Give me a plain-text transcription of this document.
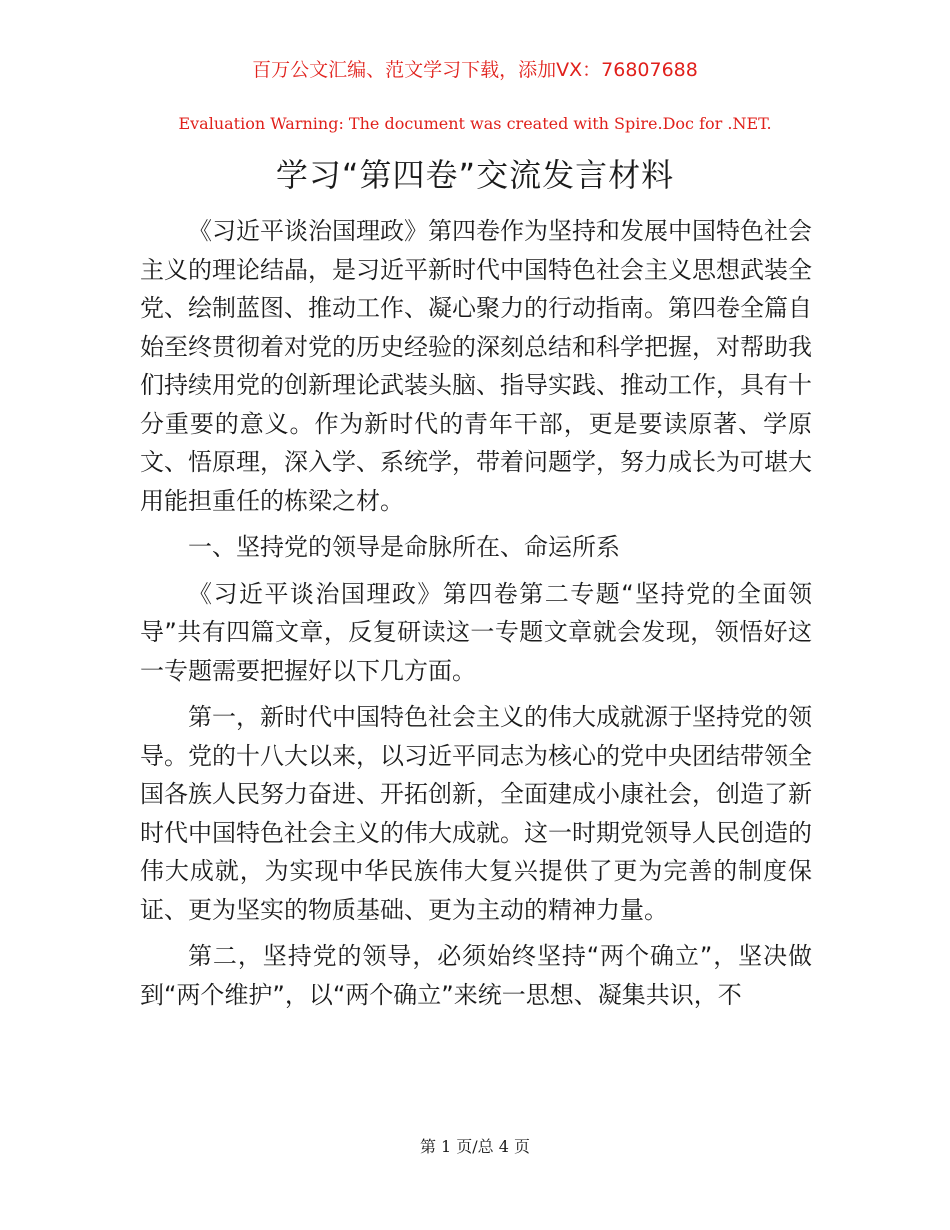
百万公文汇编、范文学习下载，添加VX：76807688
Evaluation Warning: The document was created with Spire.Doc for .NET.
学习“第四卷”交流发言材料

《习近平谈治国理政》第四卷作为坚持和发展中国特色社会主义的理论结晶，是习近平新时代中国特色社会主义思想武装全党、绘制蓝图、推动工作、凝心聚力的行动指南。第四卷全篇自始至终贯彻着对党的历史经验的深刻总结和科学把握，对帮助我们持续用党的创新理论武装头脑、指导实践、推动工作，具有十分重要的意义。作为新时代的青年干部，更是要读原著、学原文、悟原理，深入学、系统学，带着问题学，努力成长为可堪大用能担重任的栋梁之材。

一、坚持党的领导是命脉所在、命运所系

《习近平谈治国理政》第四卷第二专题“坚持党的全面领导”共有四篇文章，反复研读这一专题文章就会发现，领悟好这一专题需要把握好以下几方面。

第一，新时代中国特色社会主义的伟大成就源于坚持党的领导。党的十八大以来，以习近平同志为核心的党中央团结带领全国各族人民努力奋进、开拓创新，全面建成小康社会，创造了新时代中国特色社会主义的伟大成就。这一时期党领导人民创造的伟大成就，为实现中华民族伟大复兴提供了更为完善的制度保证、更为坚实的物质基础、更为主动的精神力量。

第二，坚持党的领导，必须始终坚持“两个确立”，坚决做到“两个维护”，以“两个确立”来统一思想、凝集共识，不

第 1 页/总 4 页
